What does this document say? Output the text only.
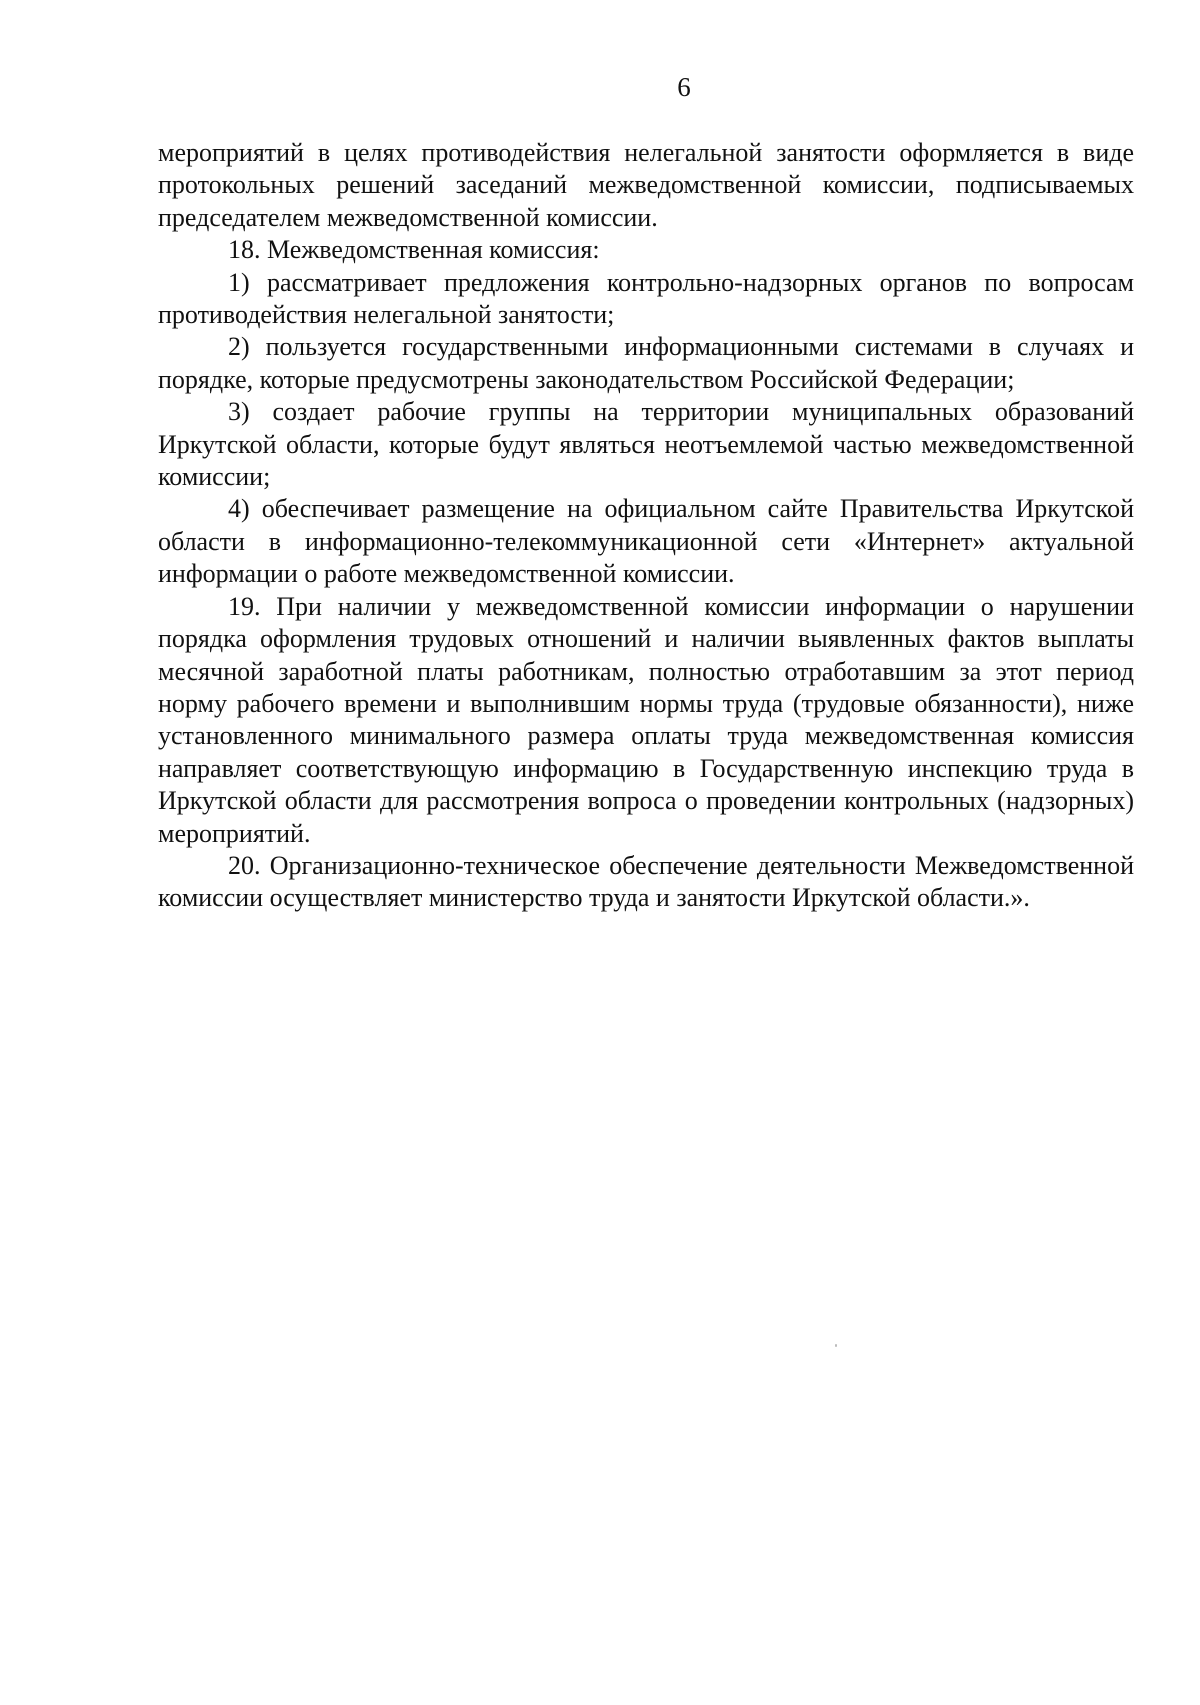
6

мероприятий в целях противодействия нелегальной занятости оформляется в виде протокольных решений заседаний межведомственной комиссии, подписываемых председателем межведомственной комиссии.

18. Межведомственная комиссия:

1) рассматривает предложения контрольно-надзорных органов по вопросам противодействия нелегальной занятости;

2) пользуется государственными информационными системами в случаях и порядке, которые предусмотрены законодательством Российской Федерации;

3) создает рабочие группы на территории муниципальных образований Иркутской области, которые будут являться неотъемлемой частью межведомственной комиссии;

4) обеспечивает размещение на официальном сайте Правительства Иркутской области в информационно-телекоммуникационной сети «Интернет» актуальной информации о работе межведомственной комиссии.

19. При наличии у межведомственной комиссии информации о нарушении порядка оформления трудовых отношений и наличии выявленных фактов выплаты месячной заработной платы работникам, полностью отработавшим за этот период норму рабочего времени и выполнившим нормы труда (трудовые обязанности), ниже установленного минимального размера оплаты труда межведомственная комиссия направляет соответствующую информацию в Государственную инспекцию труда в Иркутской области для рассмотрения вопроса о проведении контрольных (надзорных) мероприятий.

20. Организационно-техническое обеспечение деятельности Межведомственной комиссии осуществляет министерство труда и занятости Иркутской области.».
